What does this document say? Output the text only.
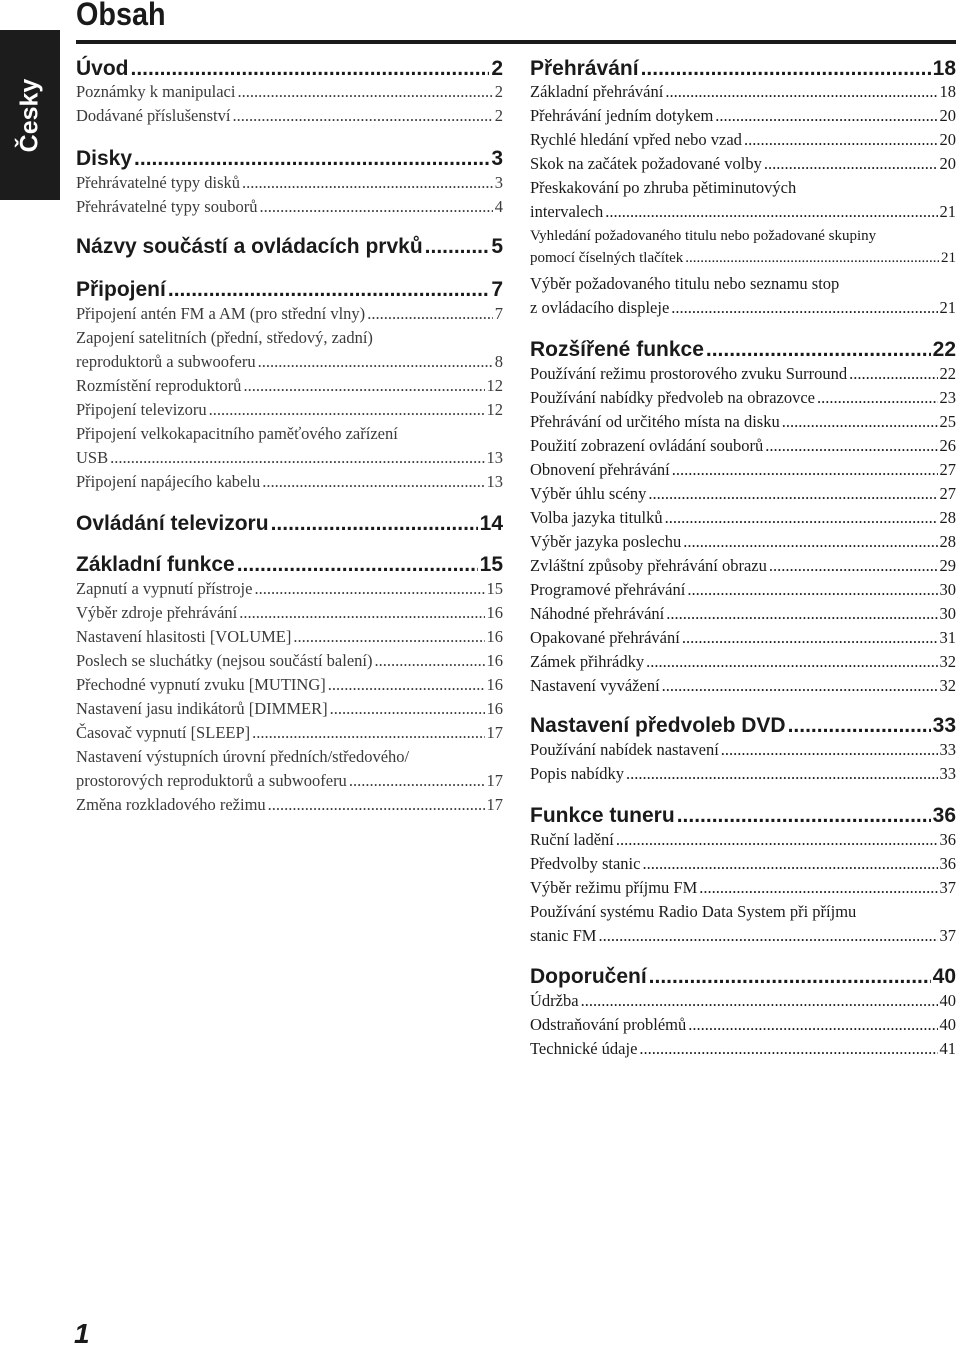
Česky
Obsah
Úvod .....	2
Poznámky k manipulaci .....	2
Dodávané příslušenství .....	2
Disky .....	3
Přehrávatelné typy disků .....	3
Přehrávatelné typy souborů .....	4
Názvy součástí a ovládacích prvků .....	5
Připojení .....	7
Připojení antén FM a AM (pro střední vlny) .....	7
Zapojení satelitních (přední, středový, zadní)
reproduktorů a subwooferu .....	8
Rozmístění reproduktorů .....	12
Připojení televizoru .....	12
Připojení velkokapacitního paměťového zařízení
USB .....	13
Připojení napájecího kabelu .....	13
Ovládání televizoru .....	14
Základní funkce .....	15
Zapnutí a vypnutí přístroje .....	15
Výběr zdroje přehrávání .....	16
Nastavení hlasitosti [VOLUME] .....	16
Poslech se sluchátky (nejsou součástí balení) .....	16
Přechodné vypnutí zvuku [MUTING] .....	16
Nastavení jasu indikátorů [DIMMER] .....	16
Časovač vypnutí [SLEEP] .....	17
Nastavení výstupních úrovní předních/středového/
prostorových reproduktorů a subwooferu .....	17
Změna rozkladového režimu .....	17
Přehrávání .....	18
Základní přehrávání .....	18
Přehrávání jedním dotykem .....	20
Rychlé hledání vpřed nebo vzad .....	20
Skok na začátek požadované volby .....	20
Přeskakování po zhruba pětiminutových
intervalech .....	21
Vyhledání požadovaného titulu nebo požadované skupiny
pomocí číselných tlačítek .....	21
Výběr požadovaného titulu nebo seznamu stop
z ovládacího displeje .....	21
Rozšířené funkce .....	22
Používání režimu prostorového zvuku Surround .....	22
Používání nabídky předvoleb na obrazovce .....	23
Přehrávání od určitého místa na disku .....	25
Použití zobrazení ovládání souborů .....	26
Obnovení přehrávání .....	27
Výběr úhlu scény .....	27
Volba jazyka titulků .....	28
Výběr jazyka poslechu .....	28
Zvláštní způsoby přehrávání obrazu .....	29
Programové přehrávání .....	30
Náhodné přehrávání .....	30
Opakované přehrávání .....	31
Zámek přihrádky .....	32
Nastavení vyvážení .....	32
Nastavení předvoleb DVD .....	33
Používání nabídek nastavení .....	33
Popis nabídky .....	33
Funkce tuneru .....	36
Ruční ladění .....	36
Předvolby stanic .....	36
Výběr režimu příjmu FM .....	37
Používání systému Radio Data System při příjmu
stanic FM .....	37
Doporučení .....	40
Údržba .....	40
Odstraňování problémů .....	40
Technické údaje .....	41
1
